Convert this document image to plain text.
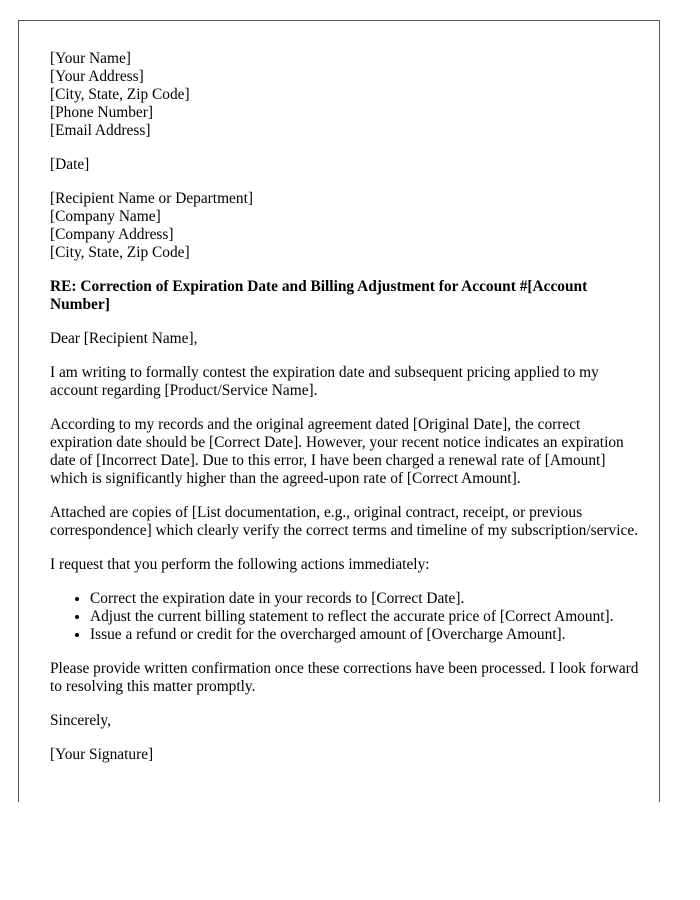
[Your Name]
[Your Address]
[City, State, Zip Code]
[Phone Number]
[Email Address]
[Date]
[Recipient Name or Department]
[Company Name]
[Company Address]
[City, State, Zip Code]
RE: Correction of Expiration Date and Billing Adjustment for Account #[Account Number]

Dear [Recipient Name],

I am writing to formally contest the expiration date and subsequent pricing applied to my account regarding [Product/Service Name].

According to my records and the original agreement dated [Original Date], the correct expiration date should be [Correct Date]. However, your recent notice indicates an expiration date of [Incorrect Date]. Due to this error, I have been charged a renewal rate of [Amount] which is significantly higher than the agreed-upon rate of [Correct Amount].

Attached are copies of [List documentation, e.g., original contract, receipt, or previous correspondence] which clearly verify the correct terms and timeline of my subscription/service.

I request that you perform the following actions immediately:

• Correct the expiration date in your records to [Correct Date].
• Adjust the current billing statement to reflect the accurate price of [Correct Amount].
• Issue a refund or credit for the overcharged amount of [Overcharge Amount].

Please provide written confirmation once these corrections have been processed. I look forward to resolving this matter promptly.

Sincerely,

[Your Signature]
